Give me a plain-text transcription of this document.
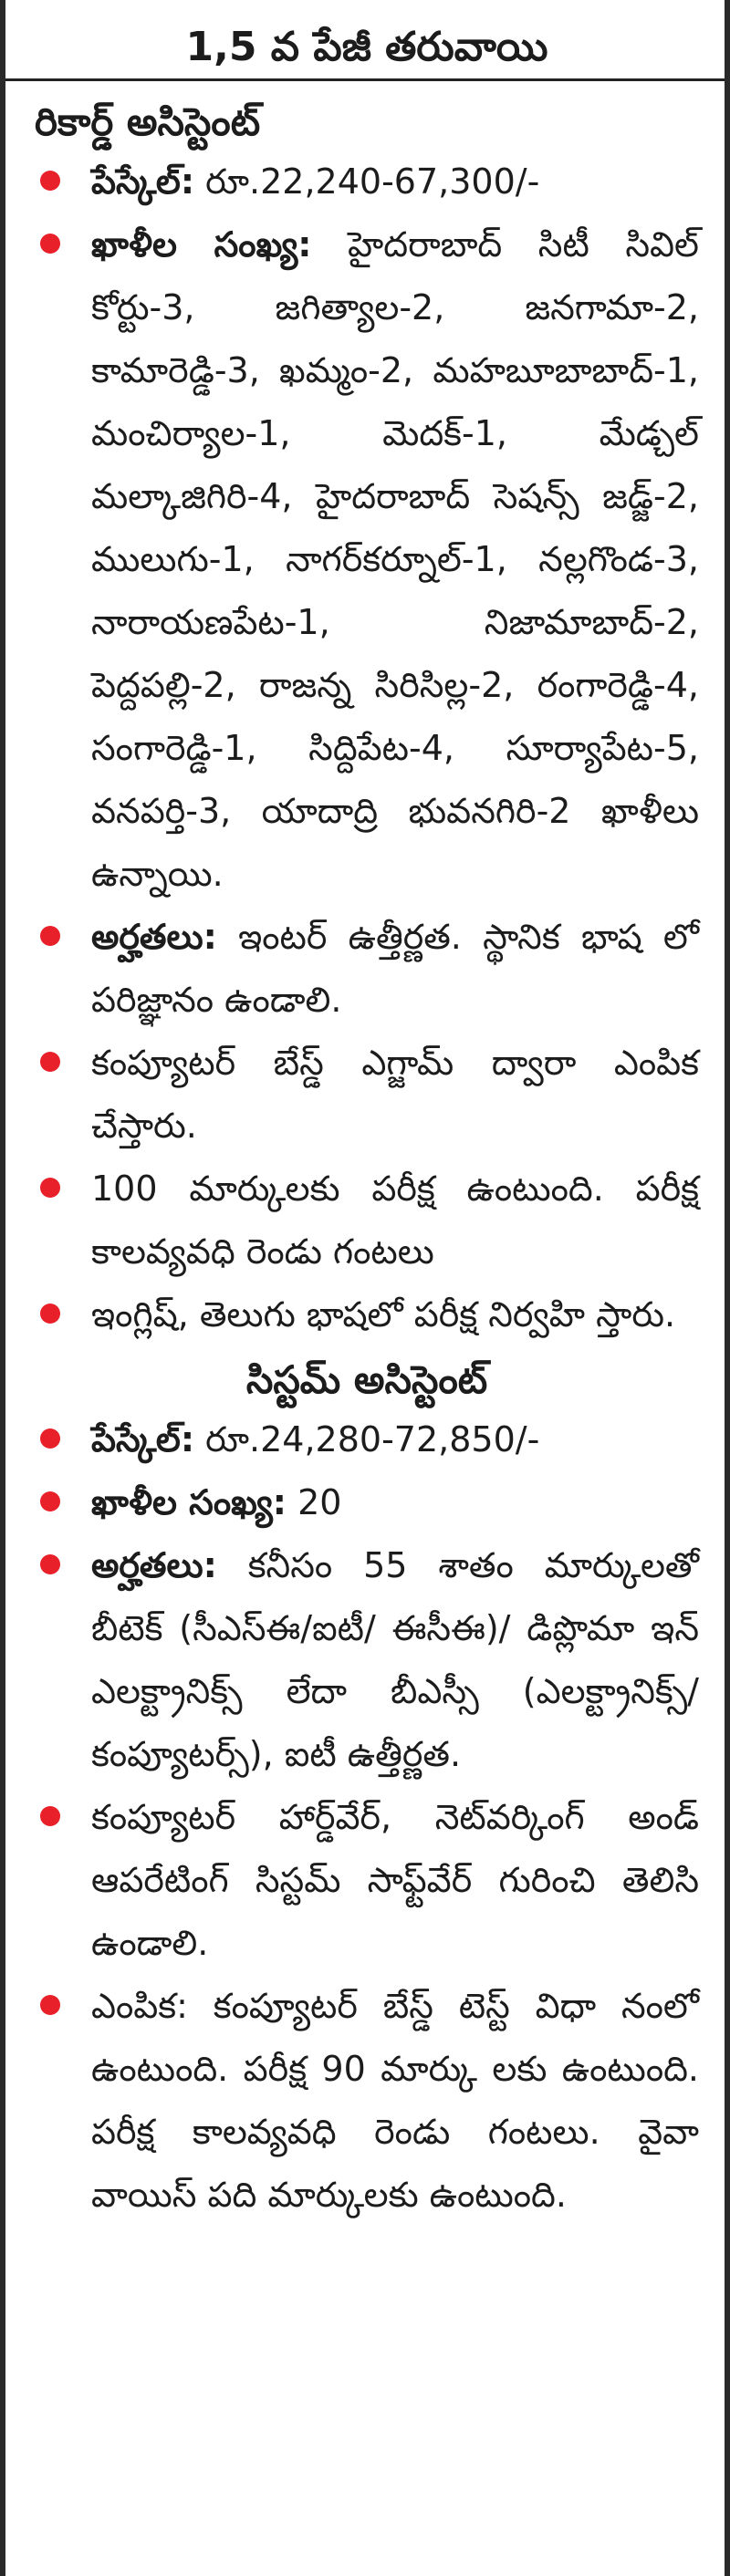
1,5 వ పేజీ తరువాయి
రికార్డ్ అసిస్టెంట్
పేస్కేల్: రూ.22,240-67,300/-
ఖాళీల సంఖ్య: హైదరాబాద్ సిటీ సివిల్ కోర్టు-3, జగిత్యాల-2, జనగామా-2, కామారెడ్డి-3, ఖమ్మం-2, మహబూబాబాద్-1, మంచిర్యాల-1, మెదక్-1, మేడ్చల్ మల్కాజిగిరి-4, హైదరాబాద్ సెషన్స్ జడ్జ్-2, ములుగు-1, నాగర్‌కర్నూల్-1, నల్లగొండ-3, నారాయణపేట-1, నిజామాబాద్-2, పెద్దపల్లి-2, రాజన్న సిరిసిల్ల-2, రంగారెడ్డి-4, సంగారెడ్డి-1, సిద్దిపేట-4, సూర్యాపేట-5, వనపర్తి-3, యాదాద్రి భువనగిరి-2 ఖాళీలు ఉన్నాయి.
అర్హతలు: ఇంటర్ ఉత్తీర్ణత. స్థానిక భాష లో పరిజ్ఞానం ఉండాలి.
కంప్యూటర్ బేస్డ్ ఎగ్జామ్ ద్వారా ఎంపిక చేస్తారు.
100 మార్కులకు పరీక్ష ఉంటుంది. పరీక్ష కాలవ్యవధి రెండు గంటలు
ఇంగ్లిష్, తెలుగు భాషలో పరీక్ష నిర్వహి స్తారు.
సిస్టమ్ అసిస్టెంట్
పేస్కేల్: రూ.24,280-72,850/-
ఖాళీల సంఖ్య: 20
అర్హతలు: కనీసం 55 శాతం మార్కులతో బీటెక్ (సీఎస్ఈ/ఐటీ/ ఈసీఈ)/ డిప్లొమా ఇన్ ఎలక్ట్రానిక్స్ లేదా బీఎస్సీ (ఎలక్ట్రానిక్స్/ కంప్యూటర్స్), ఐటీ ఉత్తీర్ణత.
కంప్యూటర్ హార్డ్‌వేర్, నెట్‌వర్కింగ్ అండ్ ఆపరేటింగ్ సిస్టమ్ సాఫ్ట్‌వేర్ గురించి తెలిసి ఉండాలి.
ఎంపిక: కంప్యూటర్ బేస్డ్ టెస్ట్ విధా నంలో ఉంటుంది. పరీక్ష 90 మార్కు లకు ఉంటుంది. పరీక్ష కాలవ్యవధి రెండు గంటలు. వైవా వాయిస్ పది మార్కులకు ఉంటుంది.
